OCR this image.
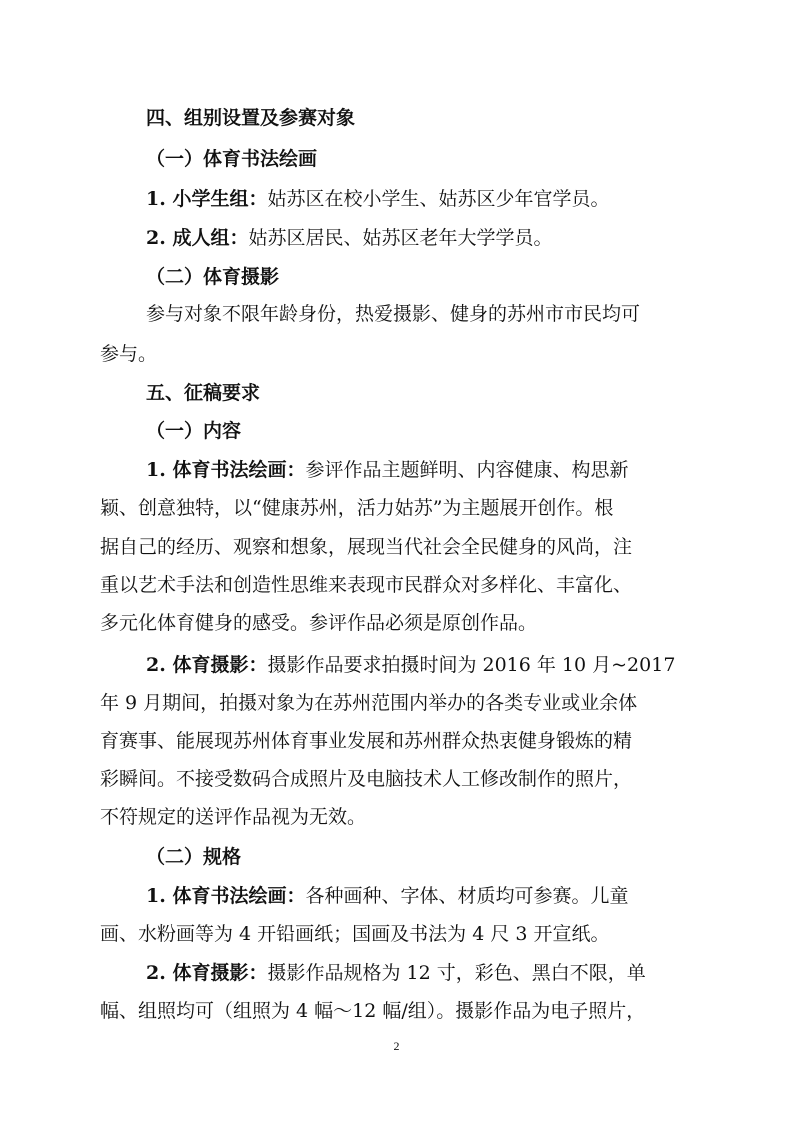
四、组别设置及参赛对象
（一）体育书法绘画
1. 小学生组：姑苏区在校小学生、姑苏区少年官学员。
2. 成人组：姑苏区居民、姑苏区老年大学学员。
（二）体育摄影
参与对象不限年龄身份，热爱摄影、健身的苏州市市民均可
参与。
五、征稿要求
（一）内容
1. 体育书法绘画：参评作品主题鲜明、内容健康、构思新
颖、创意独特，以“健康苏州，活力姑苏”为主题展开创作。根
据自己的经历、观察和想象，展现当代社会全民健身的风尚，注
重以艺术手法和创造性思维来表现市民群众对多样化、丰富化、
多元化体育健身的感受。参评作品必须是原创作品。
2. 体育摄影：摄影作品要求拍摄时间为 2016 年 10 月~2017
年 9 月期间，拍摄对象为在苏州范围内举办的各类专业或业余体
育赛事、能展现苏州体育事业发展和苏州群众热衷健身锻炼的精
彩瞬间。不接受数码合成照片及电脑技术人工修改制作的照片，
不符规定的送评作品视为无效。
（二）规格
1. 体育书法绘画：各种画种、字体、材质均可参赛。儿童
画、水粉画等为 4 开铅画纸；国画及书法为 4 尺 3 开宣纸。
2. 体育摄影：摄影作品规格为 12 寸，彩色、黑白不限，单
幅、组照均可（组照为 4 幅～12 幅/组）。摄影作品为电子照片，
2
